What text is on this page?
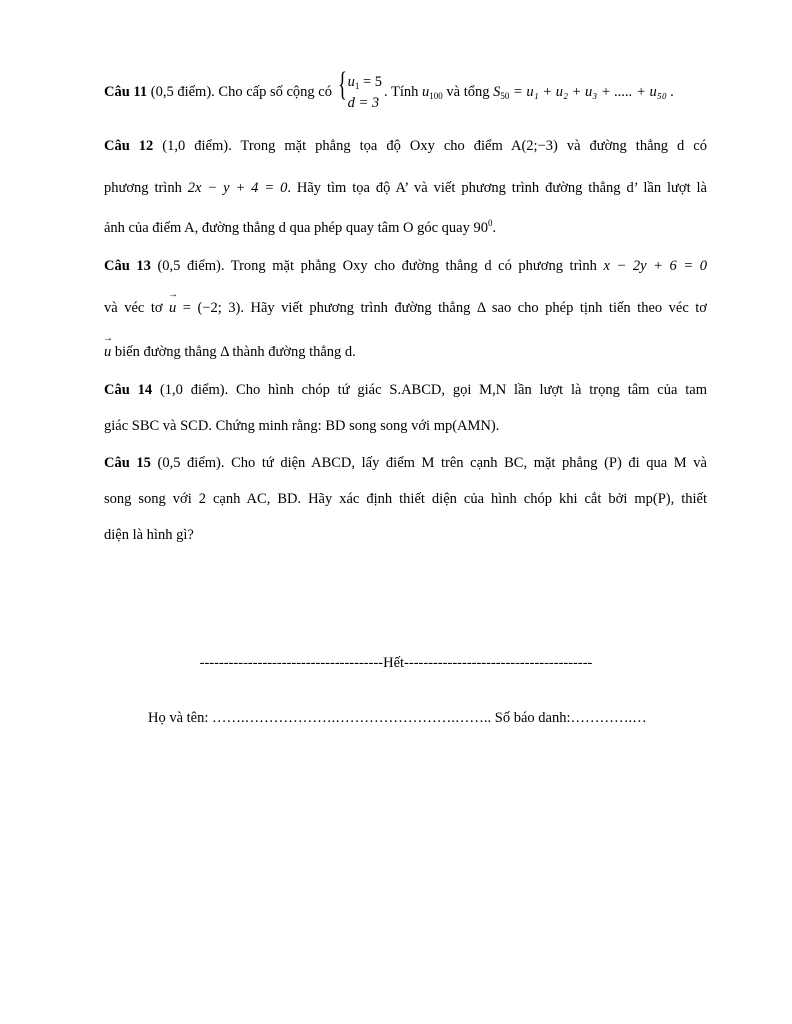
Câu 11 (0,5 điểm). Cho cấp số cộng có { $u_1 = 5$
d = 3
. Tính $u_{100}$ và tổng $S_{50} = u_1 + u_2 + u_3$ + ..... + u₅₀ .
Câu 12 (1,0 điểm). Trong mặt phẳng tọa độ Oxy cho điểm A(2;−3) và đường thẳng d có
phương trình 2x − y + 4 = 0. Hãy tìm tọa độ A’ và viết phương trình đường thẳng d’ lần lượt là
ảnh của điểm A, đường thẳng d qua phép quay tâm O góc quay $90^0$.
Câu 13 (0,5 điểm). Trong mặt phẳng Oxy cho đường thẳng d có phương trình x − 2y + 6 = 0
và véc tơ → u = (−2; 3). Hãy viết phương trình đường thẳng Δ sao cho phép tịnh tiến theo véc tơ
→ u biến đường thẳng Δ thành đường thẳng d.
Câu 14 (1,0 điểm). Cho hình chóp tứ giác S.ABCD, gọi M,N lần lượt là trọng tâm của tam
giác SBC và SCD. Chứng minh rằng: BD song song với mp(AMN).
Câu 15 (0,5 điểm). Cho tứ diện ABCD, lấy điểm M trên cạnh BC, mặt phẳng (P) đi qua M và
song song với 2 cạnh AC, BD. Hãy xác định thiết diện của hình chóp khi cắt bởi mp(P), thiết
diện là hình gì?
--------------------------------------Hết---------------------------------------
Họ và tên: …….……………….…………………….…….. Số báo danh:………….…
